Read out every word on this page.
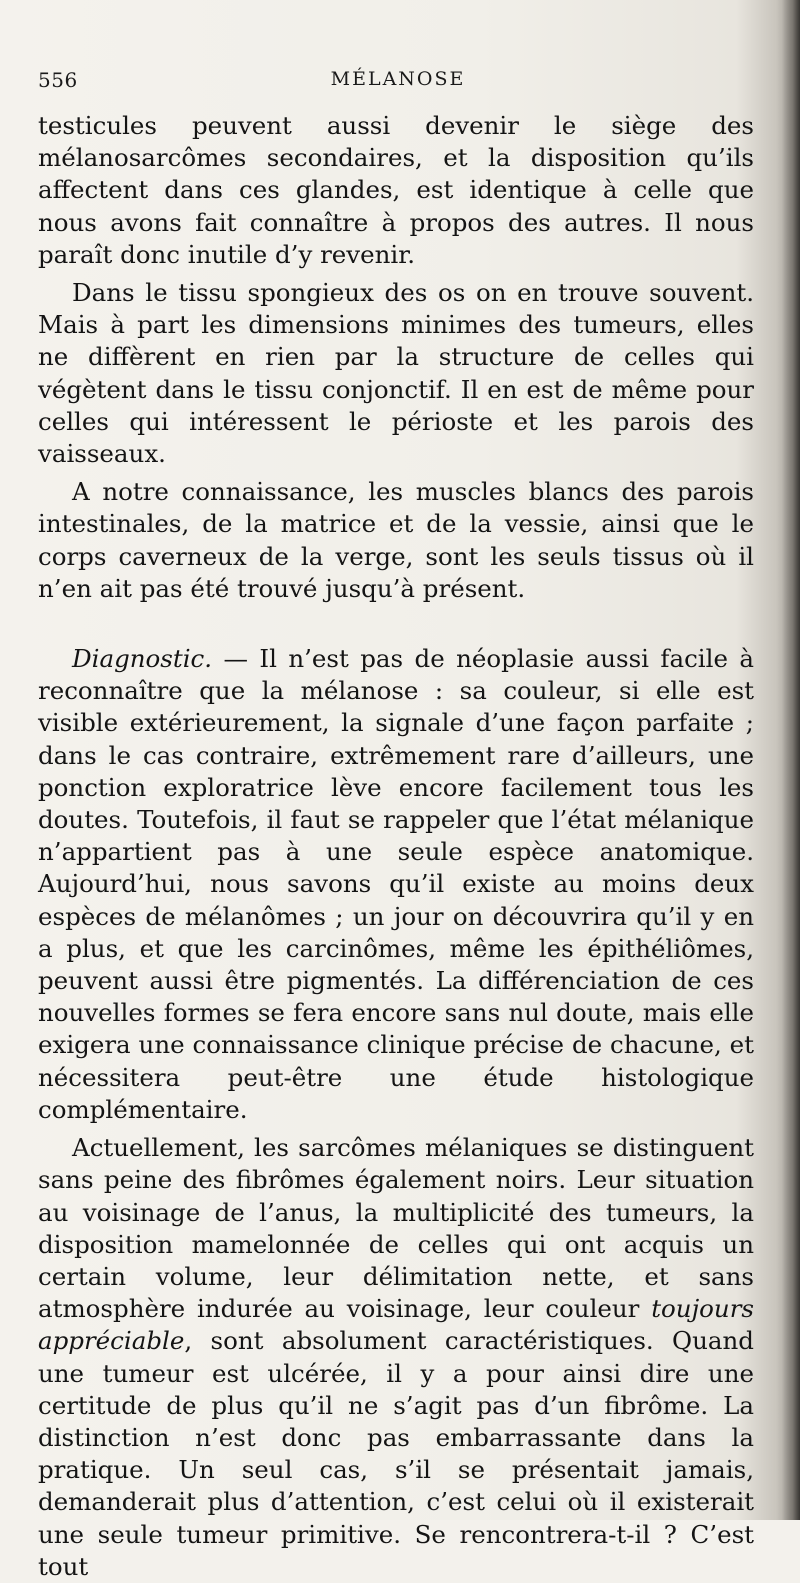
556	MÉLANOSE

testicules peuvent aussi devenir le siège des mélanosarcômes secondaires, et la disposition qu’ils affectent dans ces glandes, est identique à celle que nous avons fait connaître à propos des autres. Il nous paraît donc inutile d’y revenir.

Dans le tissu spongieux des os on en trouve souvent. Mais à part les dimensions minimes des tumeurs, elles ne diffèrent en rien par la structure de celles qui végètent dans le tissu conjonctif. Il en est de même pour celles qui intéressent le périoste et les parois des vaisseaux.

A notre connaissance, les muscles blancs des parois intestinales, de la matrice et de la vessie, ainsi que le corps caverneux de la verge, sont les seuls tissus où il n’en ait pas été trouvé jusqu’à présent.

Diagnostic. — Il n’est pas de néoplasie aussi facile à reconnaître que la mélanose : sa couleur, si elle est visible extérieurement, la signale d’une façon parfaite ; dans le cas contraire, extrêmement rare d’ailleurs, une ponction exploratrice lève encore facilement tous les doutes. Toutefois, il faut se rappeler que l’état mélanique n’appartient pas à une seule espèce anatomique. Aujourd’hui, nous savons qu’il existe au moins deux espèces de mélanômes ; un jour on découvrira qu’il y en a plus, et que les carcinômes, même les épithéliômes, peuvent aussi être pigmentés. La différenciation de ces nouvelles formes se fera encore sans nul doute, mais elle exigera une connaissance clinique précise de chacune, et nécessitera peut-être une étude histologique complémentaire.

Actuellement, les sarcômes mélaniques se distinguent sans peine des fibrômes également noirs. Leur situation au voisinage de l’anus, la multiplicité des tumeurs, la disposition mamelonnée de celles qui ont acquis un certain volume, leur délimitation nette, et sans atmosphère indurée au voisinage, leur couleur toujours appréciable, sont absolument caractéristiques. Quand une tumeur est ulcérée, il y a pour ainsi dire une certitude de plus qu’il ne s’agit pas d’un fibrôme. La distinction n’est donc pas embarrassante dans la pratique. Un seul cas, s’il se présentait jamais, demanderait plus d’attention, c’est celui où il existerait une seule tumeur primitive. Se rencontrera-t-il ? C’est tout
